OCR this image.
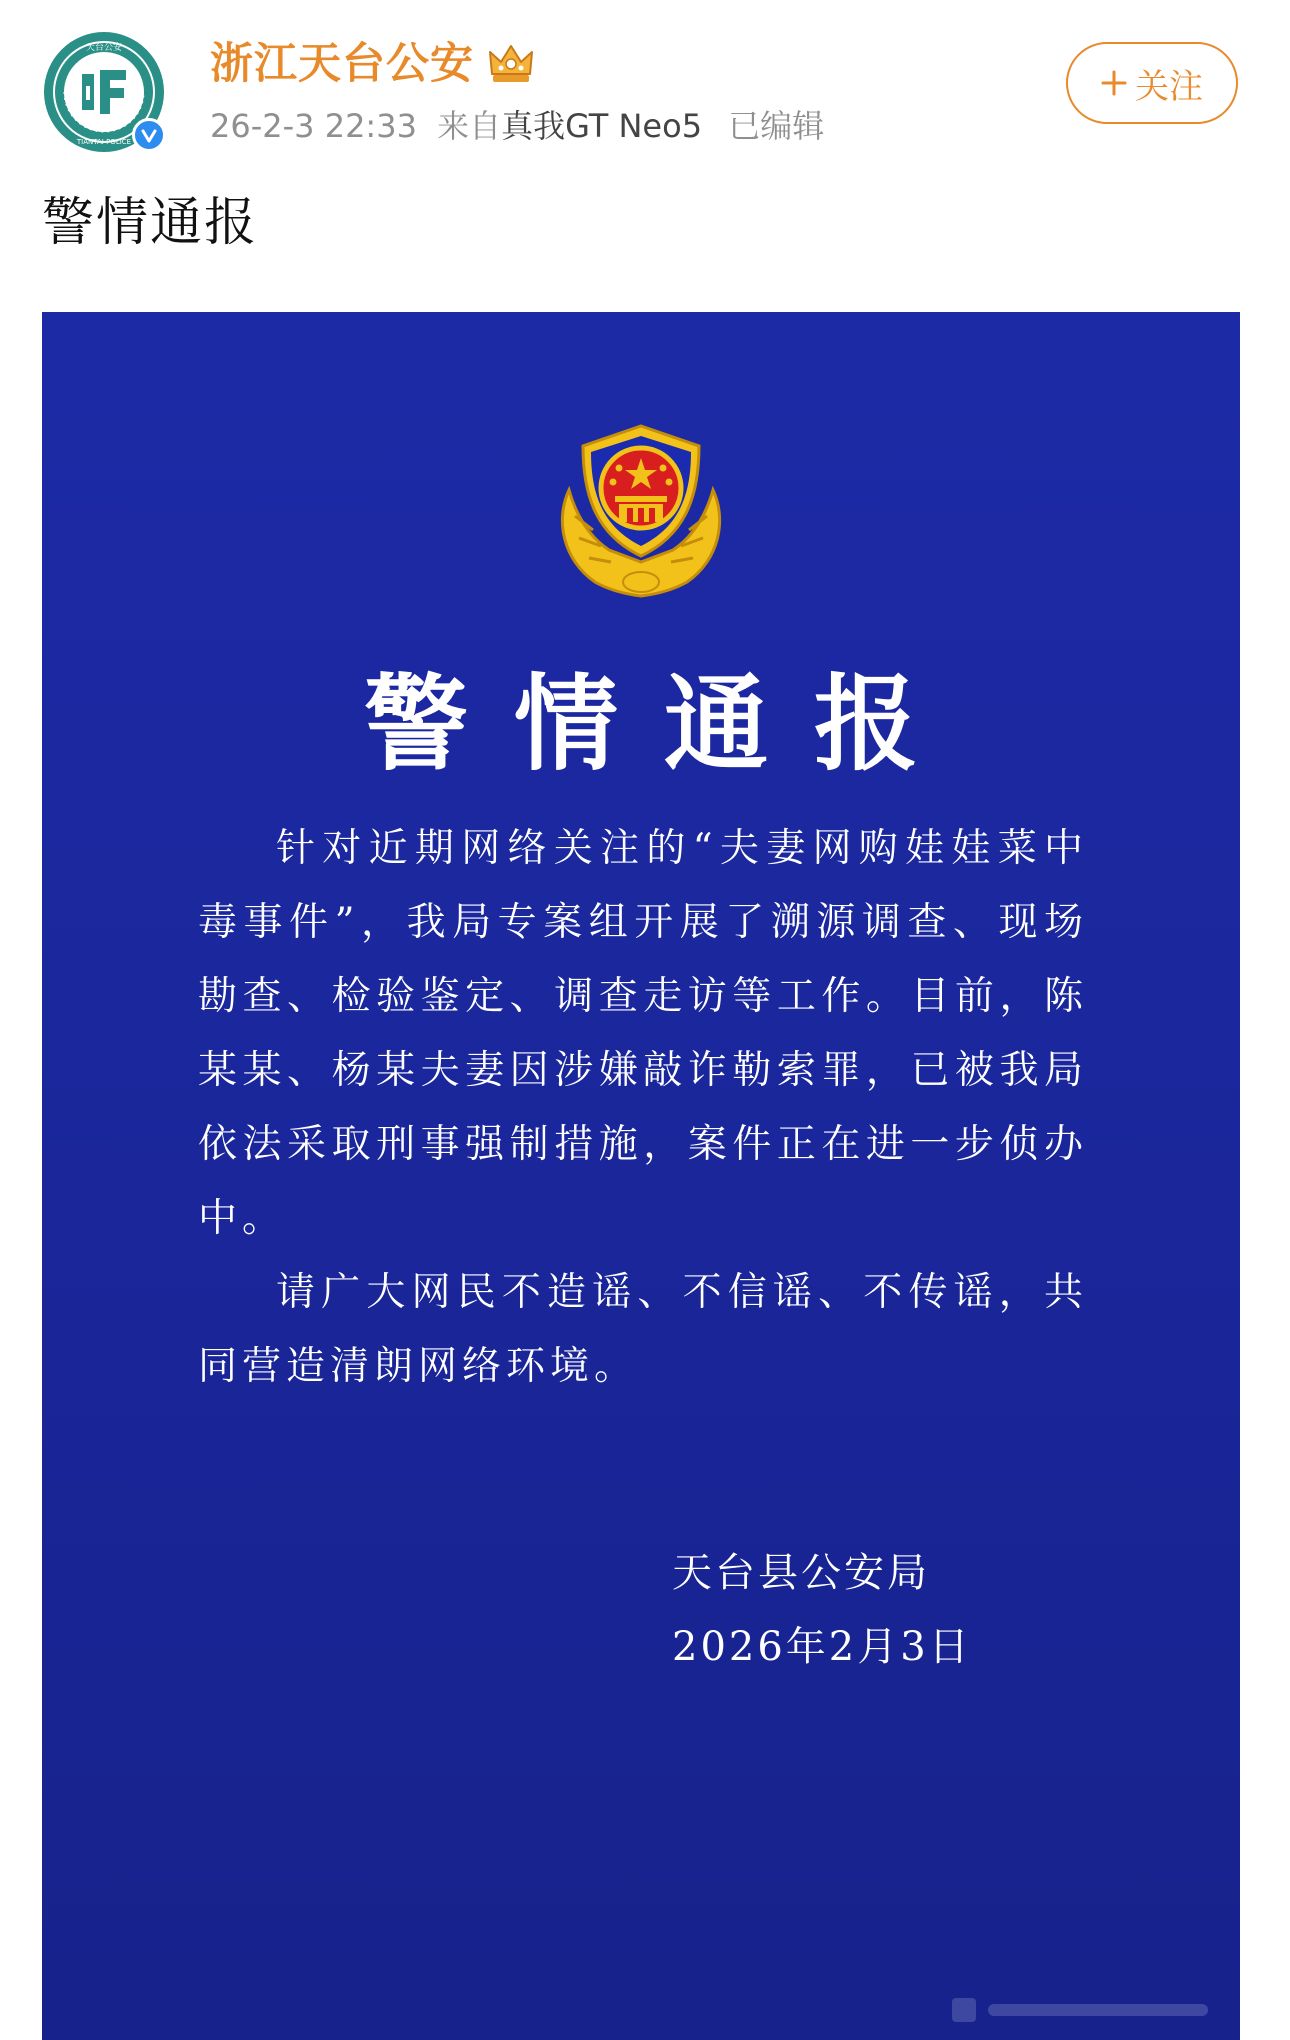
天台公安
TIANTAI POLICE
浙江天台公安
26-2-3 22:33 来自真我GT Neo5 已编辑
关注
警情通报
警情通报

针对近期网络关注的“夫妻网购娃娃菜中毒事件”，我局专案组开展了溯源调查、现场勘查、检验鉴定、调查走访等工作。目前，陈某某、杨某夫妻因涉嫌敲诈勒索罪，已被我局依法采取刑事强制措施，案件正在进一步侦办中。

请广大网民不造谣、不信谣、不传谣，共同营造清朗网络环境。

天台县公安局
2026年2月3日
